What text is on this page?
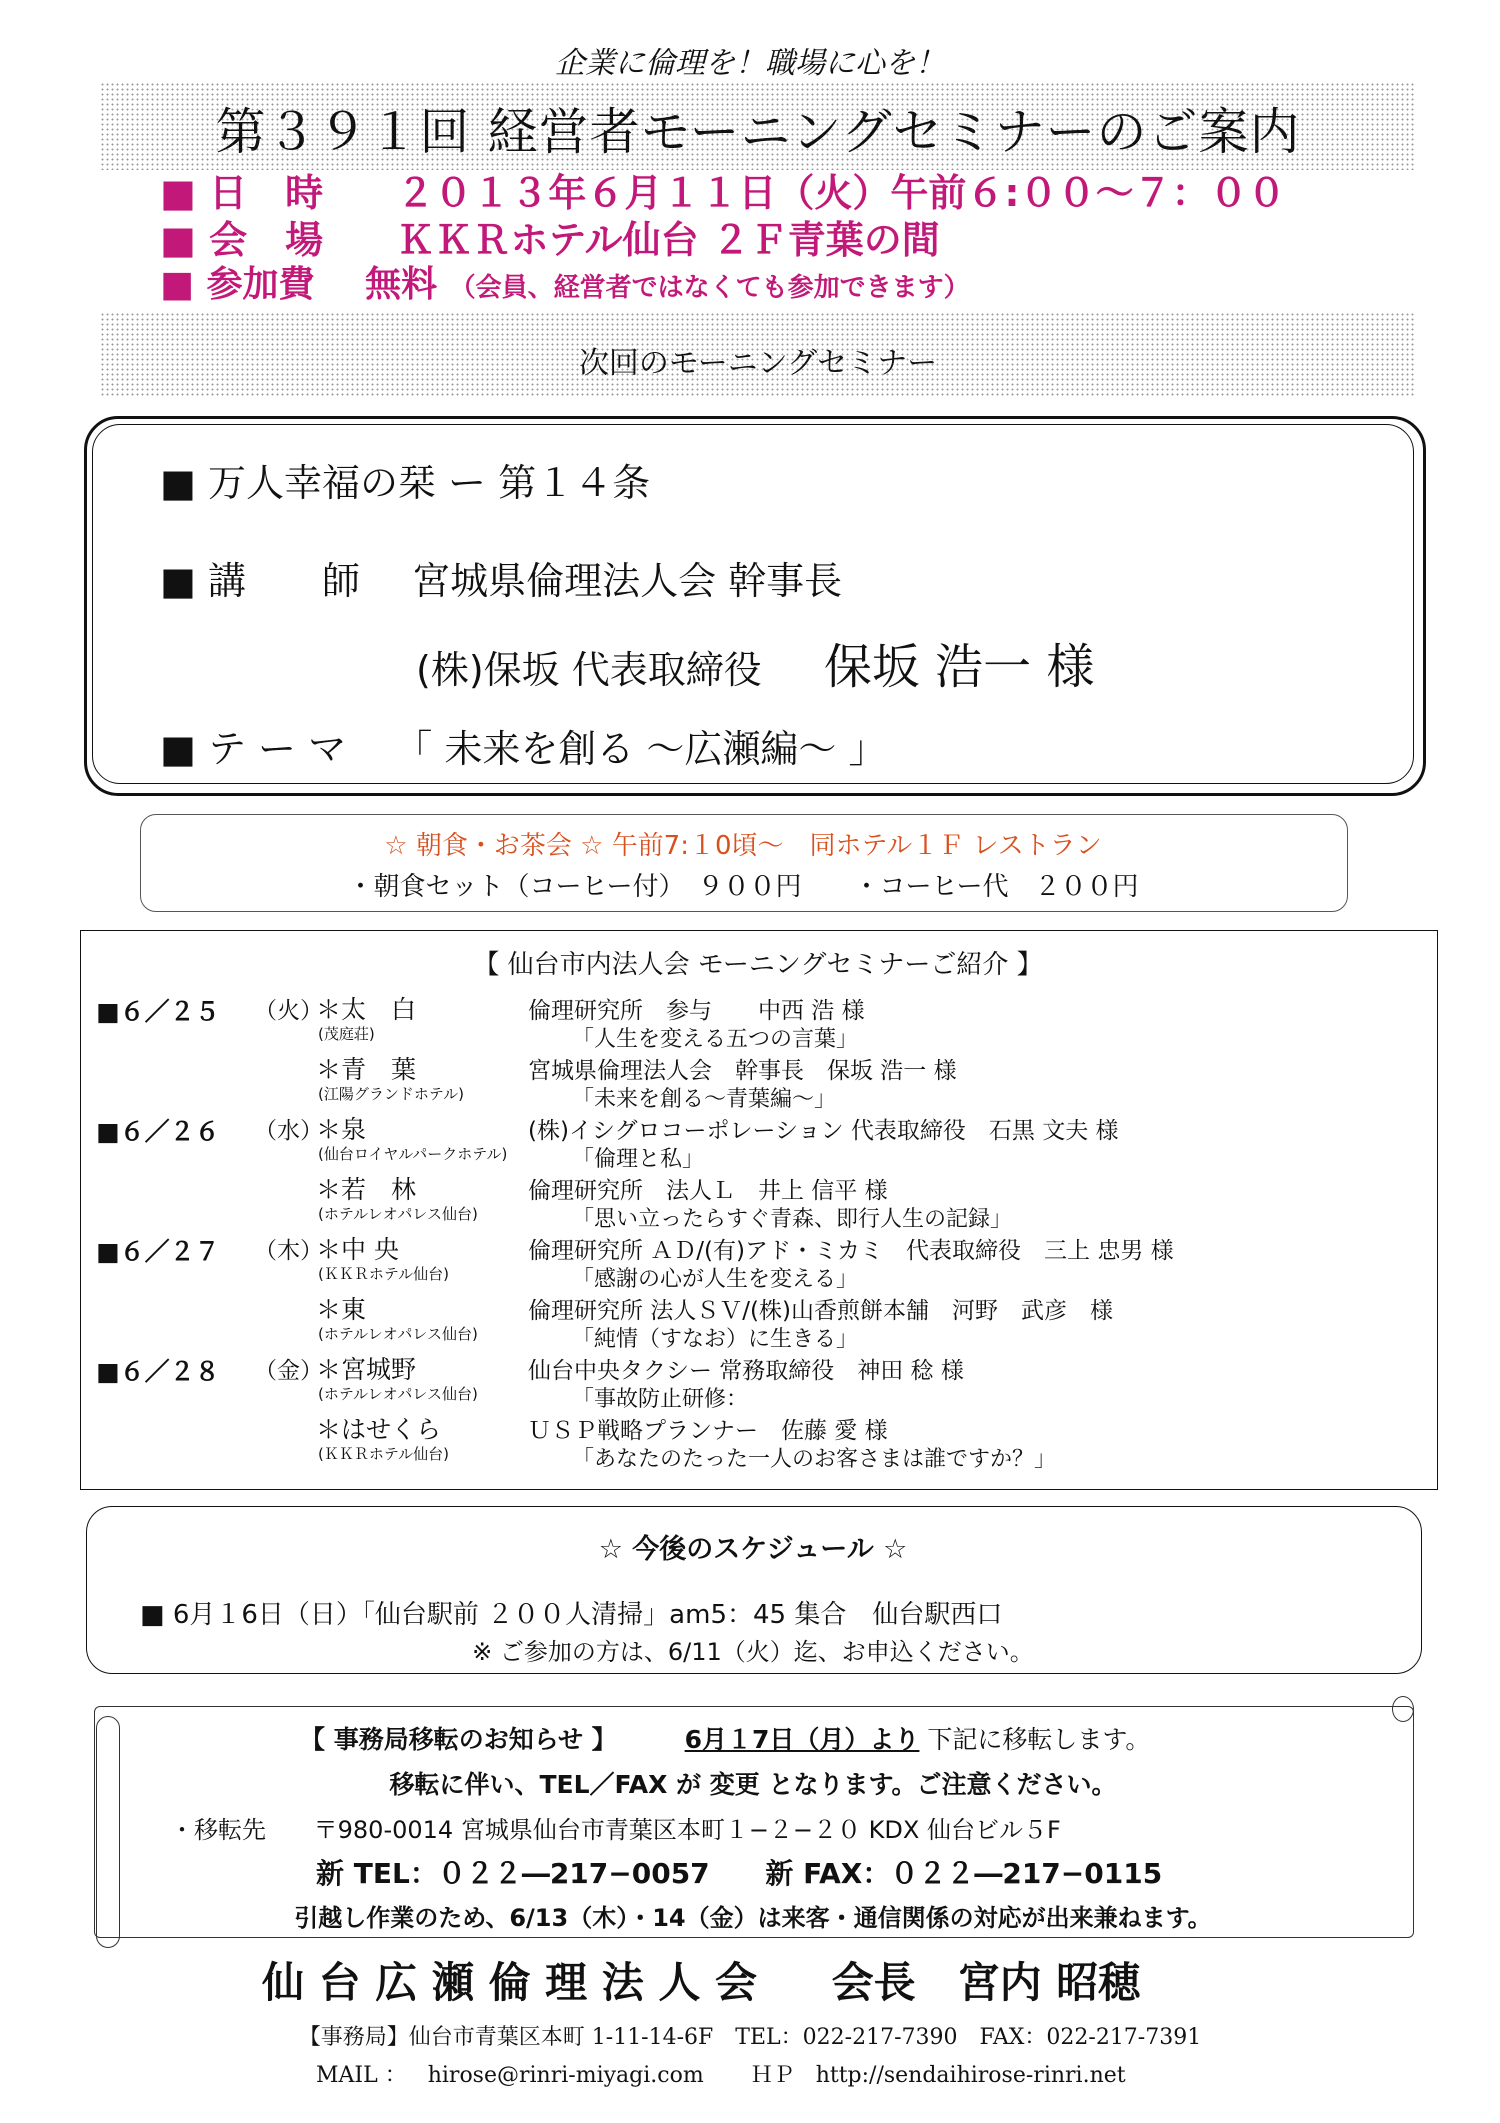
企業に倫理を！職場に心を！
第３９１回 経営者モーニングセミナーのご案内
■ 日　時 ２０１３年６月１１日（火）午前６:００〜７：００
■ 会　場 ＫＫＲホテル仙台 ２Ｆ青葉の間
■ 参加費 無料 （会員、経営者ではなくても参加できます）
次回のモーニングセミナー
■ 万人幸福の栞 ー 第１４条
■ 講　　師 宮城県倫理法人会 幹事長
(株)保坂 代表取締役 保坂 浩一 様
■ テ ー マ 「 未来を創る 〜広瀬編〜 」
☆ 朝食・お茶会 ☆ 午前7:１0頃〜　同ホテル１Ｆ レストラン
・朝食セット（コーヒー付）　９００円　　・コーヒー代　２００円
【 仙台市内法人会 モーニングセミナーご紹介 】
■６／２５ （火）
＊太　白
(茂庭荘)
倫理研究所　参与　　中西 浩 様
「人生を変える五つの言葉」
＊青　葉
(江陽グランドホテル)
宮城県倫理法人会　幹事長　保坂 浩一 様
「未来を創る〜青葉編〜」
■６／２６ （水）
＊泉
(仙台ロイヤルパークホテル)
(株)イシグロコーポレーション 代表取締役　石黒 文夫 様
「倫理と私」
＊若　林
(ホテルレオパレス仙台)
倫理研究所　法人Ｌ　井上 信平 様
「思い立ったらすぐ青森、即行人生の記録」
■６／２７ （木）
＊中 央
(ＫＫＲホテル仙台)
倫理研究所 ＡＤ/(有)アド・ミカミ　代表取締役　三上 忠男 様
「感謝の心が人生を変える」
＊東
(ホテルレオパレス仙台)
倫理研究所 法人ＳＶ/(株)山香煎餅本舗　河野　武彦　様
「純情（すなお）に生きる」
■６／２８ （金）
＊宮城野
(ホテルレオパレス仙台)
仙台中央タクシー 常務取締役　神田 稔 様
「事故防止研修：
＊はせくら
(ＫＫＲホテル仙台)
ＵＳＰ戦略プランナー　佐藤 愛 様
「あなたのたった一人のお客さまは誰ですか？」
☆ 今後のスケジュール ☆
■ 6月１6日（日）「仙台駅前 ２００人清掃」am5：45 集合　仙台駅西口
※ ご参加の方は、6/11（火）迄、お申込ください。
【 事務局移転のお知らせ 】	6月１7日（月）より 下記に移転します。
移転に伴い、TEL／FAX が 変更 となります。ご注意ください。
・移転先 〒980-0014 宮城県仙台市青葉区本町１−２−２０ KDX 仙台ビル５F
新 TEL：０２２―217−0057 新 FAX：０２２―217−0115
引越し作業のため、6/13（木）・14（金）は来客・通信関係の対応が出来兼ねます。
仙 台 広 瀬 倫 理 法 人 会 会長　宮内 昭穂
【事務局】仙台市青葉区本町 1-11-14-6F　TEL：022-217-7390　FAX：022-217-7391
MAIL ： hirose@rinri-miyagi.com ＨＰ http://sendaihirose-rinri.net
